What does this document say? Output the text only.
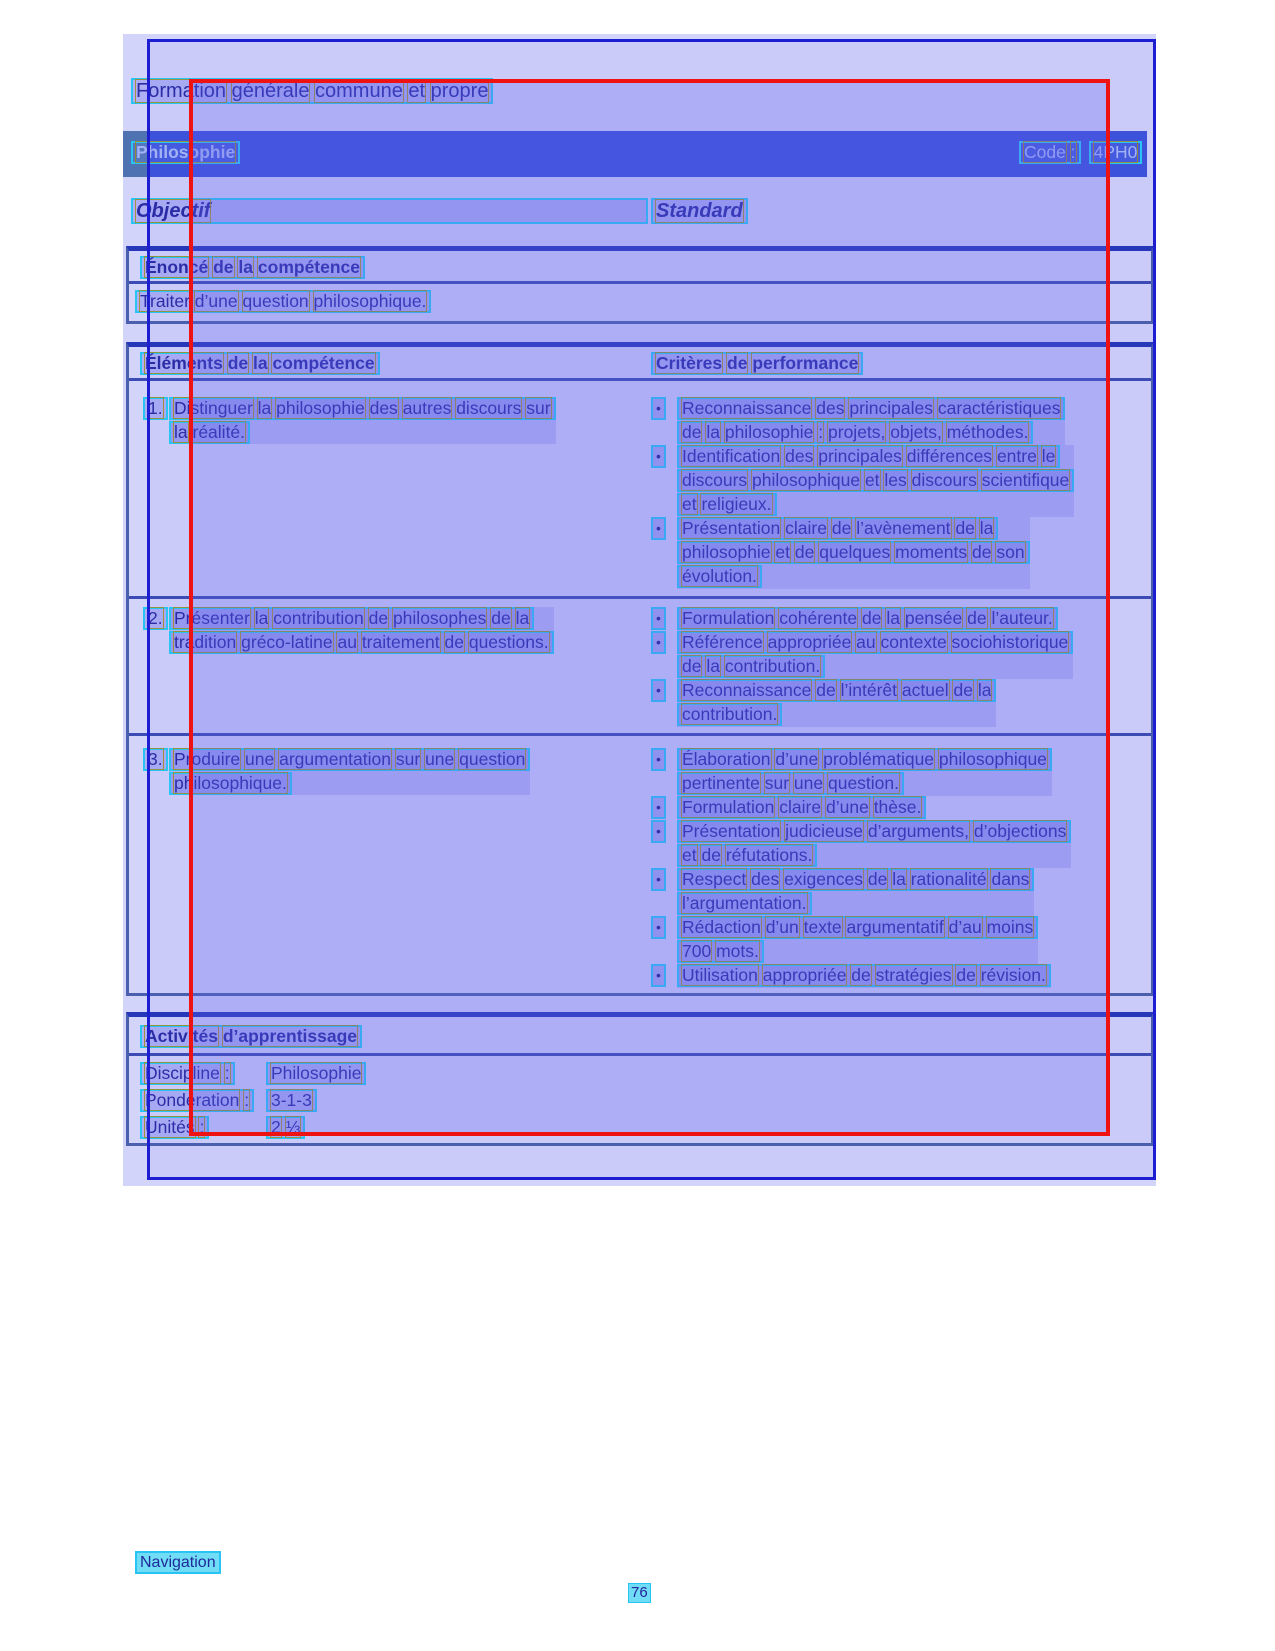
Formation générale commune et propre
Philosophie	Code : 4PH0
Objectif	Standard
Énoncé de la compétence
Traiter d’une question philosophique.
Éléments de la compétence	Critères de performance
1. Distinguer la philosophie des autres discours sur
la réalité.
• Reconnaissance des principales caractéristiques
de la philosophie : projets, objets, méthodes.
• Identification des principales différences entre le
discours philosophique et les discours scientifique
et religieux.
• Présentation claire de l’avènement de la
philosophie et de quelques moments de son
évolution.
2. Présenter la contribution de philosophes de la
tradition gréco-latine au traitement de questions.
• Formulation cohérente de la pensée de l’auteur.
• Référence appropriée au contexte sociohistorique
de la contribution.
• Reconnaissance de l’intérêt actuel de la
contribution.
3. Produire une argumentation sur une question
philosophique.
• Élaboration d’une problématique philosophique
pertinente sur une question.
• Formulation claire d’une thèse.
• Présentation judicieuse d’arguments, d’objections
et de réfutations.
• Respect des exigences de la rationalité dans
l’argumentation.
• Rédaction d’un texte argumentatif d’au moins
700 mots.
• Utilisation appropriée de stratégies de révision.
Activités d’apprentissage
Discipline : Philosophie
Pondération : 3-1-3
Unités :	2 ⅓
Navigation
76
